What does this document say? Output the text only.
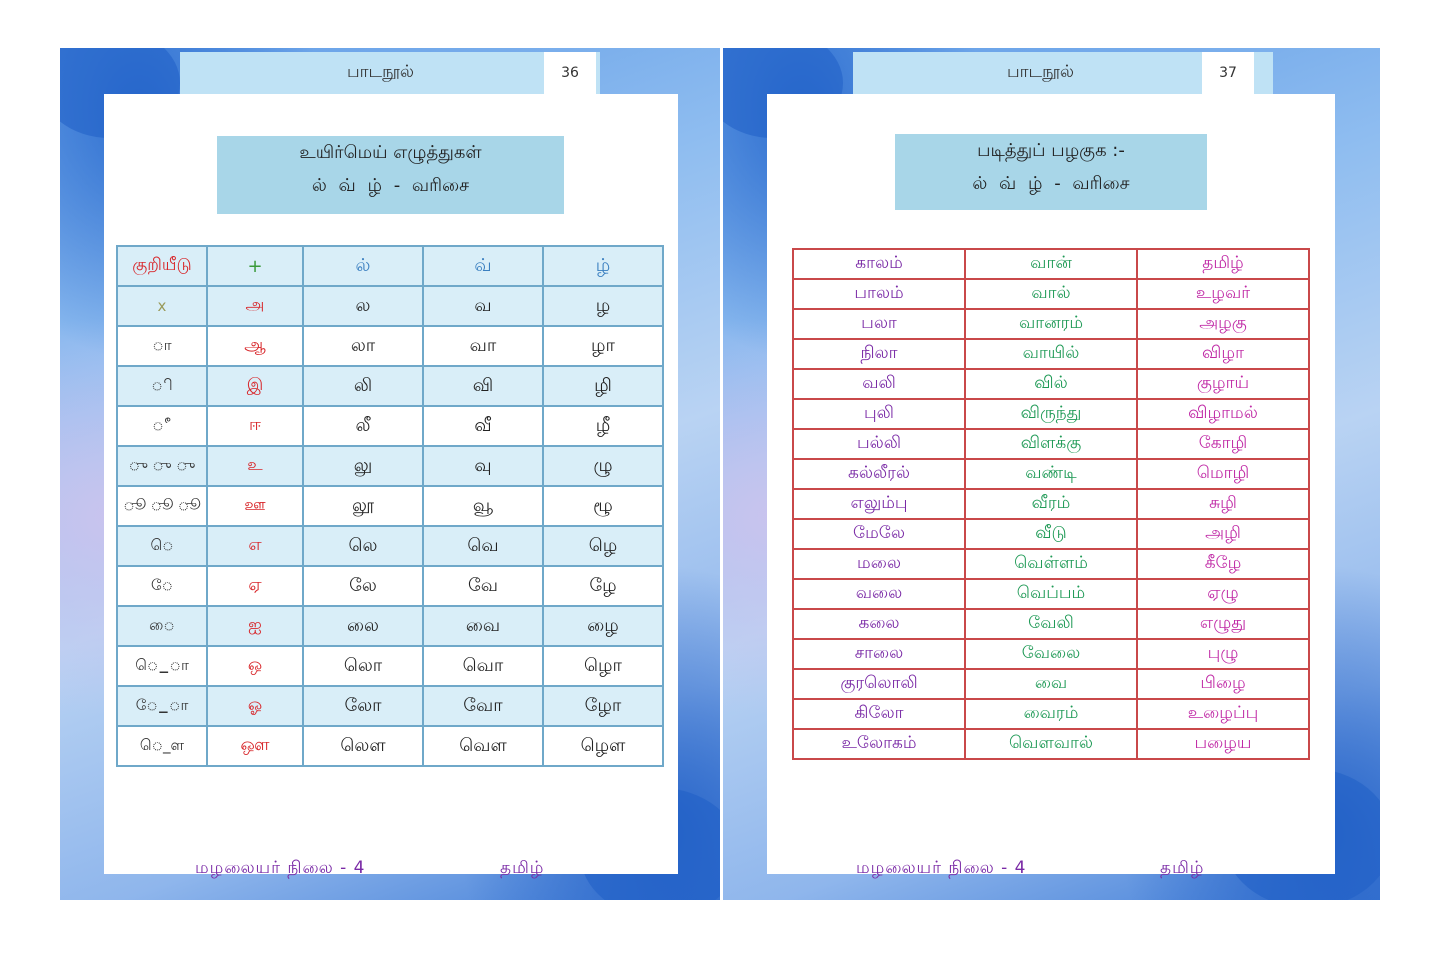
பாடநூல்	36
உயிர்மெய் எழுத்துகள்
ல் வ் ழ் - வரிசை
குறியீடு	+	ல்	வ்	ழ்
x	அ	ல	வ	ழ
ா	ஆ	லா	வா	ழா
ி	இ	லி	வி	ழி
ீ	ஈ	லீ	வீ	ழீ
ு ு ு	உ	லு	வு	ழு
ூ ூ ூ	ஊ	லூ	வூ	ழூ
ெ	எ	லெ	வெ	ழெ
ே	ஏ	லே	வே	ழே
ை	ஐ	லை	வை	ழை
ெ_ா	ஒ	லொ	வொ	ழொ
ே_ா	ஓ	லோ	வோ	ழோ
ெ_ள	ஔ	லௌ	வௌ	ழௌ
மழலையர் நிலை - 4	தமிழ்
பாடநூல்	37
படித்துப் பழகுக :-
ல் வ் ழ் - வரிசை
காலம்	வான்	தமிழ்
பாலம்	வால்	உழவர்
பலா	வானரம்	அழகு
நிலா	வாயில்	விழா
வலி	வில்	குழாய்
புலி	விருந்து	விழாமல்
பல்லி	விளக்கு	கோழி
கல்லீரல்	வண்டி	மொழி
எலும்பு	வீரம்	சுழி
மேலே	வீடு	அழி
மலை	வெள்ளம்	கீழே
வலை	வெப்பம்	ஏழு
கலை	வேலி	எழுது
சாலை	வேலை	புழு
குரலொலி	வை	பிழை
கிலோ	வைரம்	உழைப்பு
உலோகம்	வௌவால்	பழைய
மழலையர் நிலை - 4	தமிழ்
